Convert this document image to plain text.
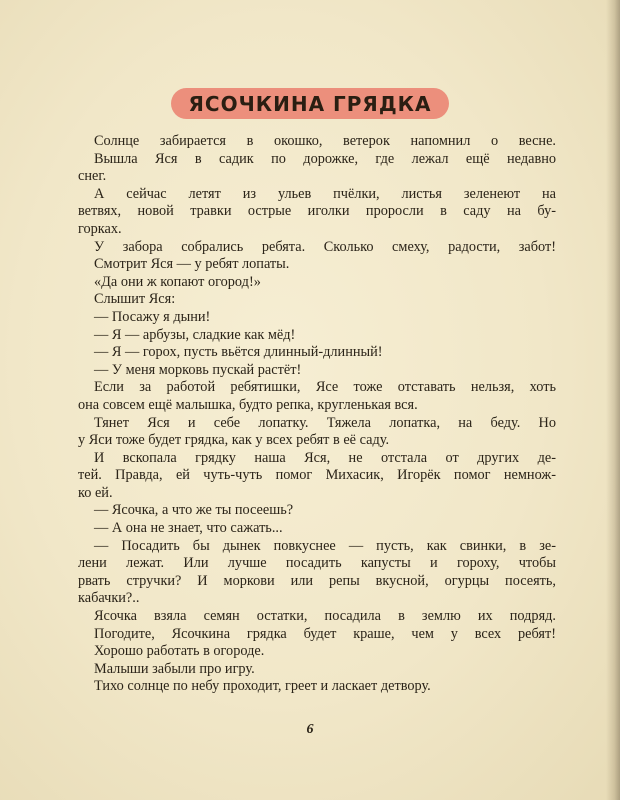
ЯСОЧКИНА ГРЯДКА
Солнце забирается в окошко, ветерок напомнил о весне.
Вышла Яся в садик по дорожке, где лежал ещё недавно
снег.
А сейчас летят из ульев пчёлки, листья зеленеют на
ветвях, новой травки острые иголки проросли в саду на бу-
горках.
У забора собрались ребята. Сколько смеху, радости, забот!
Смотрит Яся — у ребят лопаты.
«Да они ж копают огород!»
Слышит Яся:
— Посажу я дыни!
— Я — арбузы, сладкие как мёд!
— Я — горох, пусть вьётся длинный-длинный!
— У меня морковь пускай растёт!
Если за работой ребятишки, Ясе тоже отставать нельзя, хоть
она совсем ещё малышка, будто репка, кругленькая вся.
Тянет Яся и себе лопатку. Тяжела лопатка, на беду. Но
у Яси тоже будет грядка, как у всех ребят в её саду.
И вскопала грядку наша Яся, не отстала от других де-
тей. Правда, ей чуть-чуть помог Михасик, Игорёк помог немнож-
ко ей.
— Ясочка, а что же ты посеешь?
— А она не знает, что сажать...
— Посадить бы дынек повкуснее — пусть, как свинки, в зе-
лени лежат. Или лучше посадить капусты и гороху, чтобы
рвать стручки? И моркови или репы вкусной, огурцы посеять,
кабачки?..
Ясочка взяла семян остатки, посадила в землю их подряд.
Погодите, Ясочкина грядка будет краше, чем у всех ребят!
Хорошо работать в огороде.
Малыши забыли про игру.
Тихо солнце по небу проходит, греет и ласкает детвору.
6
